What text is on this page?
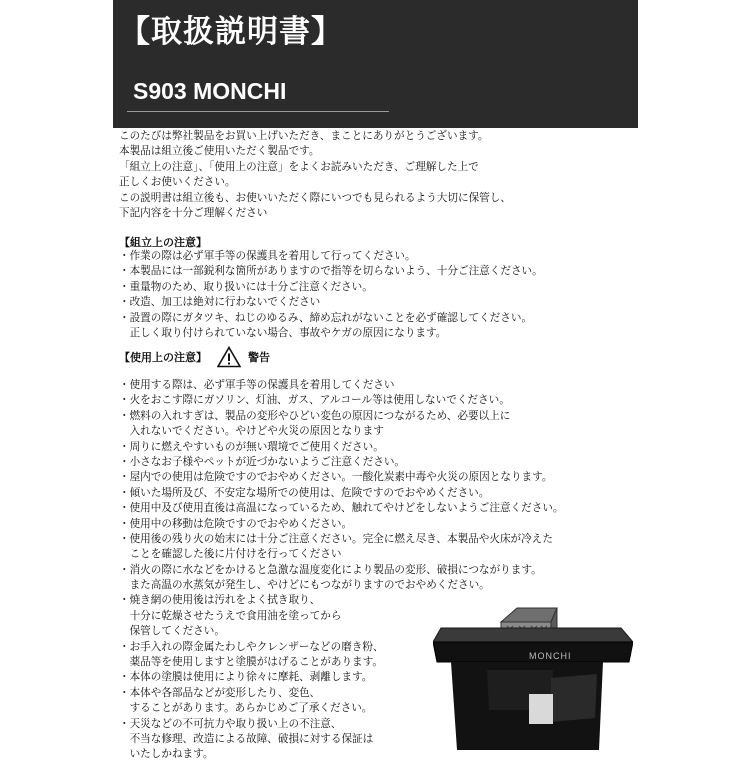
【取扱説明書】
S903 MONCHI
このたびは弊社製品をお買い上げいただき、まことにありがとうございます。
本製品は組立後ご使用いただく製品です。
「組立上の注意」、「使用上の注意」をよくお読みいただき、ご理解した上で
正しくお使いください。
この説明書は組立後も、お使いいただく際にいつでも見られるよう大切に保管し、
下記内容を十分ご理解ください
【組立上の注意】
・作業の際は必ず軍手等の保護具を着用して行ってください。
・本製品には一部鋭利な箇所がありますので指等を切らないよう、十分ご注意ください。
・重量物のため、取り扱いには十分ご注意ください。
・改造、加工は絶対に行わないでください
・設置の際にガタツキ、ねじのゆるみ、締め忘れがないことを必ず確認してください。
　正しく取り付けられていない場合、事故やケガの原因になります。
【使用上の注意】	警告
・使用する際は、必ず軍手等の保護具を着用してください
・火をおこす際にガソリン、灯油、ガス、アルコール等は使用しないでください。
・燃料の入れすぎは、製品の変形やひどい変色の原因につながるため、必要以上に
　入れないでください。やけどや火災の原因となります
・周りに燃えやすいものが無い環境でご使用ください。
・小さなお子様やペットが近づかないようご注意ください。
・屋内での使用は危険ですのでおやめください。一酸化炭素中毒や火災の原因となります。
・傾いた場所及び、不安定な場所での使用は、危険ですのでおやめください。
・使用中及び使用直後は高温になっているため、触れてやけどをしないようご注意ください。
・使用中の移動は危険ですのでおやめください。
・使用後の残り火の始末には十分ご注意ください。完全に燃え尽き、本製品や火床が冷えた
　ことを確認した後に片付けを行ってください
・消火の際に水などをかけると急激な温度変化により製品の変形、破損につながります。
　また高温の水蒸気が発生し、やけどにもつながりますのでおやめください。
・焼き網の使用後は汚れをよく拭き取り、
　十分に乾燥させたうえで食用油を塗ってから
　保管してください。
・お手入れの際金属たわしやクレンザーなどの磨き粉、
　薬品等を使用しますと塗膜がはげることがあります。
・本体の塗膜は使用により徐々に摩耗、剥離します。
・本体や各部品などが変形したり、変色、
　することがあります。あらかじめご了承ください。
・天災などの不可抗力や取り扱い上の不注意、
　不当な修理、改造による故障、破損に対する保証は
　いたしかねます。
MONCHI
